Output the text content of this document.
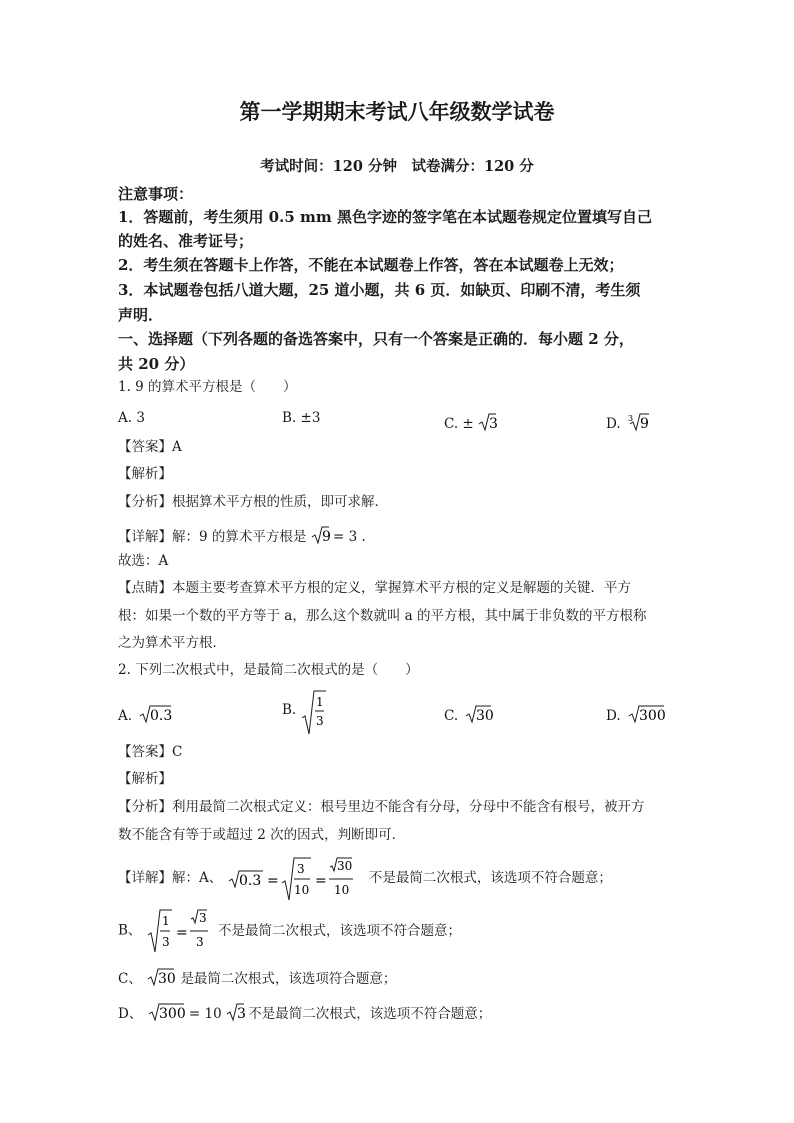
第一学期期末考试八年级数学试卷
考试时间：120 分钟　试卷满分：120 分
注意事项：
1．答题前，考生须用 0.5 mm 黑色字迹的签字笔在本试题卷规定位置填写自己
的姓名、准考证号；
2．考生须在答题卡上作答，不能在本试题卷上作答，答在本试题卷上无效；
3．本试题卷包括八道大题，25 道小题，共 6 页．如缺页、印刷不清，考生须
声明．
一、选择题（下列各题的备选答案中，只有一个答案是正确的．每小题 2 分，
共 20 分）
1. 9 的算术平方根是（　　）
A. 3	B. ±3	C. ± 3	D. 3 9
【答案】A
【解析】
【分析】根据算术平方根的性质，即可求解．
【详解】解：9 的算术平方根是 9 = 3 .
故选：A
【点睛】本题主要考查算术平方根的定义，掌握算术平方根的定义是解题的关键．平方
根：如果一个数的平方等于 a，那么这个数就叫 a 的平方根，其中属于非负数的平方根称
之为算术平方根．
2. 下列二次根式中，是最简二次根式的是（　　）
A. 0.3	B. 1
3	C. 30	D. 300
【答案】C
【解析】
【分析】利用最简二次根式定义：根号里边不能含有分母，分母中不能含有根号，被开方
数不能含有等于或超过 2 次的因式，判断即可．
【详解】解：A、 0.3 =
3
10
=
30
10
不是最简二次根式，该选项不符合题意；
B、
1
3
=
3
3
不是最简二次根式，该选项不符合题意；
C、 30 是最简二次根式，该选项符合题意；
D、 300 = 10 3 不是最简二次根式，该选项不符合题意；
